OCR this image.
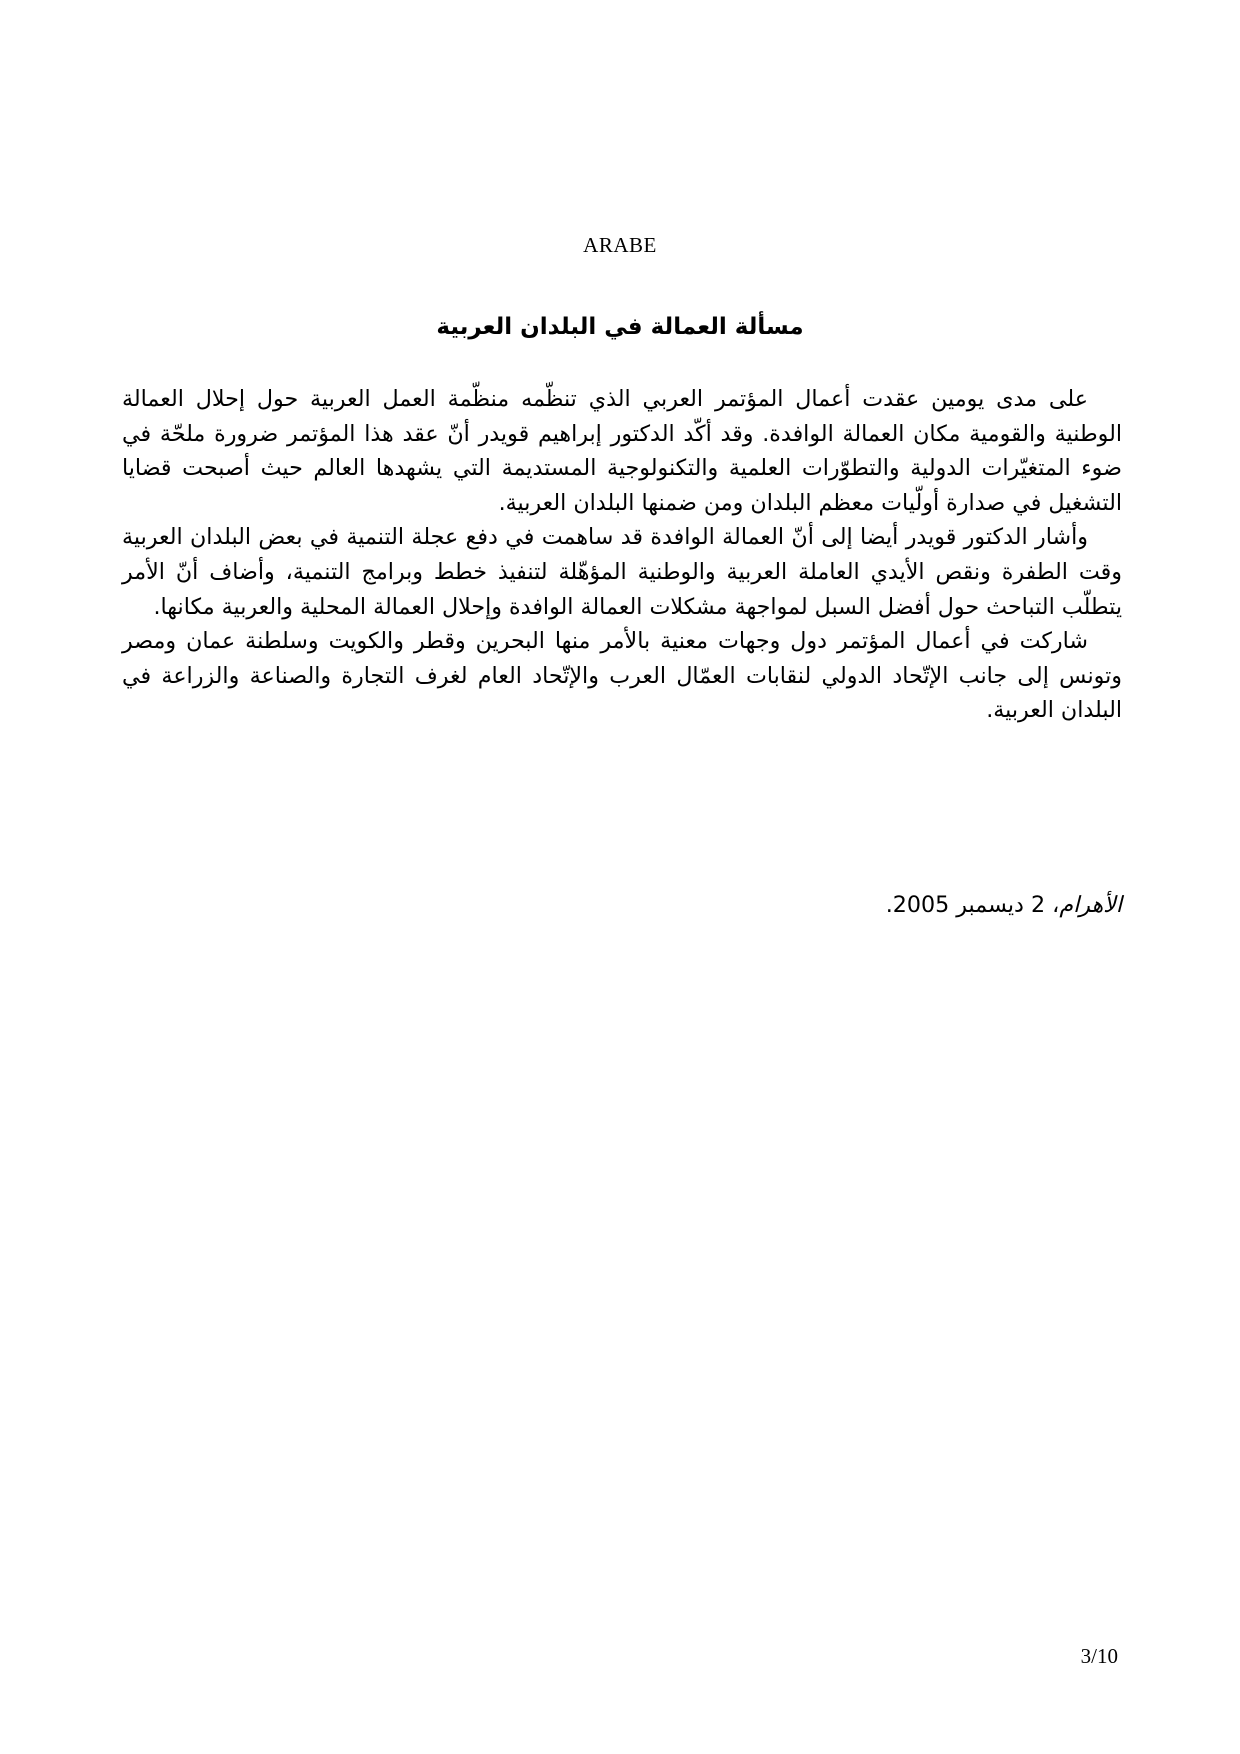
ARABE
مسألة العمالة في البلدان العربية

على مدى يومين عقدت أعمال المؤتمر العربي الذي تنظّمه منظّمة العمل العربية حول إحلال العمالة الوطنية والقومية مكان العمالة الوافدة. وقد أكّد الدكتور إبراهيم قويدر أنّ عقد هذا المؤتمر ضرورة ملحّة في ضوء المتغيّرات الدولية والتطوّرات العلمية والتكنولوجية المستديمة التي يشهدها العالم حيث أصبحت قضايا التشغيل في صدارة أولّيات معظم البلدان ومن ضمنها البلدان العربية.

وأشار الدكتور قويدر أيضا إلى أنّ العمالة الوافدة قد ساهمت في دفع عجلة التنمية في بعض البلدان العربية وقت الطفرة ونقص الأيدي العاملة العربية والوطنية المؤهّلة لتنفيذ خطط وبرامج التنمية، وأضاف أنّ الأمر يتطلّب التباحث حول أفضل السبل لمواجهة مشكلات العمالة الوافدة وإحلال العمالة المحلية والعربية مكانها.

شاركت في أعمال المؤتمر دول وجهات معنية بالأمر منها البحرين وقطر والكويت وسلطنة عمان ومصر وتونس إلى جانب الإتّحاد الدولي لنقابات العمّال العرب والإتّحاد العام لغرف التجارة والصناعة والزراعة في البلدان العربية.

الأهرام، 2 ديسمبر 2005.
3/10
